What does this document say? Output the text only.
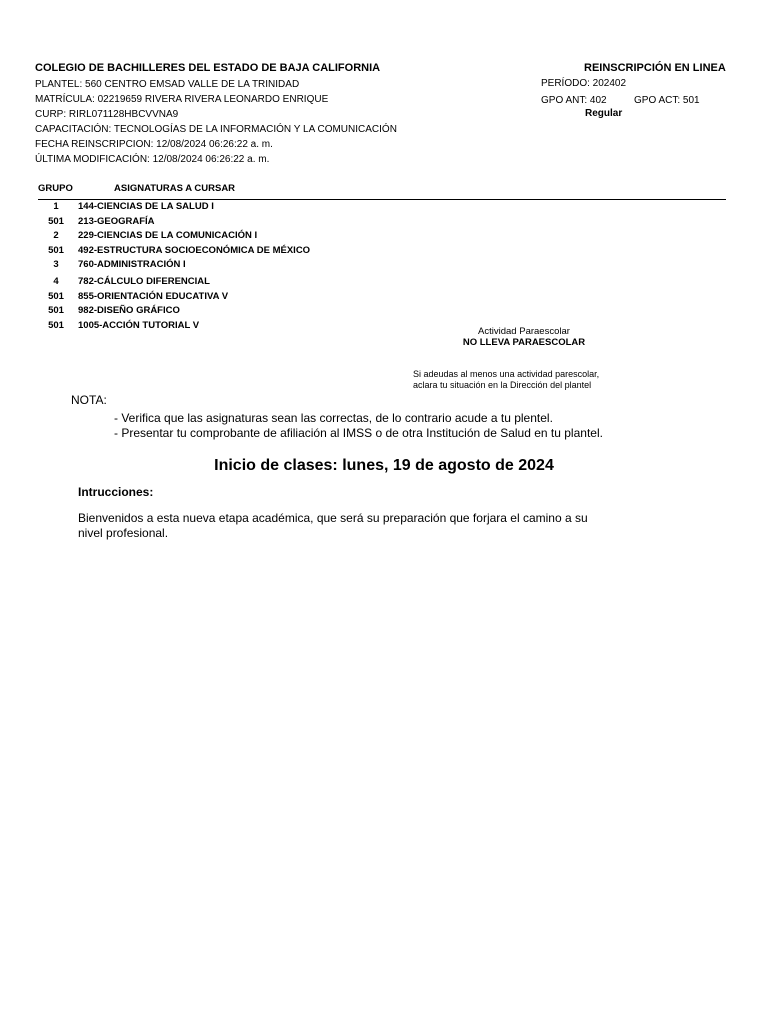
COLEGIO DE BACHILLERES DEL ESTADO DE BAJA CALIFORNIA
PLANTEL: 560 CENTRO EMSAD VALLE DE LA TRINIDAD
MATRÍCULA: 02219659 RIVERA RIVERA LEONARDO ENRIQUE
CURP: RIRL071128HBCVVNA9
CAPACITACIÓN: TECNOLOGÍAS DE LA INFORMACIÓN Y LA COMUNICACIÓN
FECHA REINSCRIPCION: 12/08/2024 06:26:22 a. m.
ÚLTIMA MODIFICACIÓN: 12/08/2024 06:26:22 a. m.
REINSCRIPCIÓN EN LINEA
PERÍODO: 202402
GPO ANT: 402	GPO ACT: 501
Regular
GRUPO	ASIGNATURAS A CURSAR
1	144-CIENCIAS DE LA SALUD I
501	213-GEOGRAFÍA
2	229-CIENCIAS DE LA COMUNICACIÓN I
501	492-ESTRUCTURA SOCIOECONÓMICA DE MÉXICO
3	760-ADMINISTRACIÓN I
4	782-CÁLCULO DIFERENCIAL
501	855-ORIENTACIÓN EDUCATIVA V
501	982-DISEÑO GRÁFICO
501	1005-ACCIÓN TUTORIAL V
Actividad Paraescolar
NO LLEVA PARAESCOLAR
Si adeudas al menos una actividad parescolar,
aclara tu situación en la Dirección del plantel
NOTA:
- Verifica que las asignaturas sean las correctas, de lo contrario acude a tu plentel.
- Presentar tu comprobante de afiliación al IMSS o de otra Institución de Salud en tu plantel.
Inicio de clases: lunes, 19 de agosto de 2024
Intrucciones:
Bienvenidos a esta nueva etapa académica, que será su preparación que forjara el camino a su
nivel profesional.
